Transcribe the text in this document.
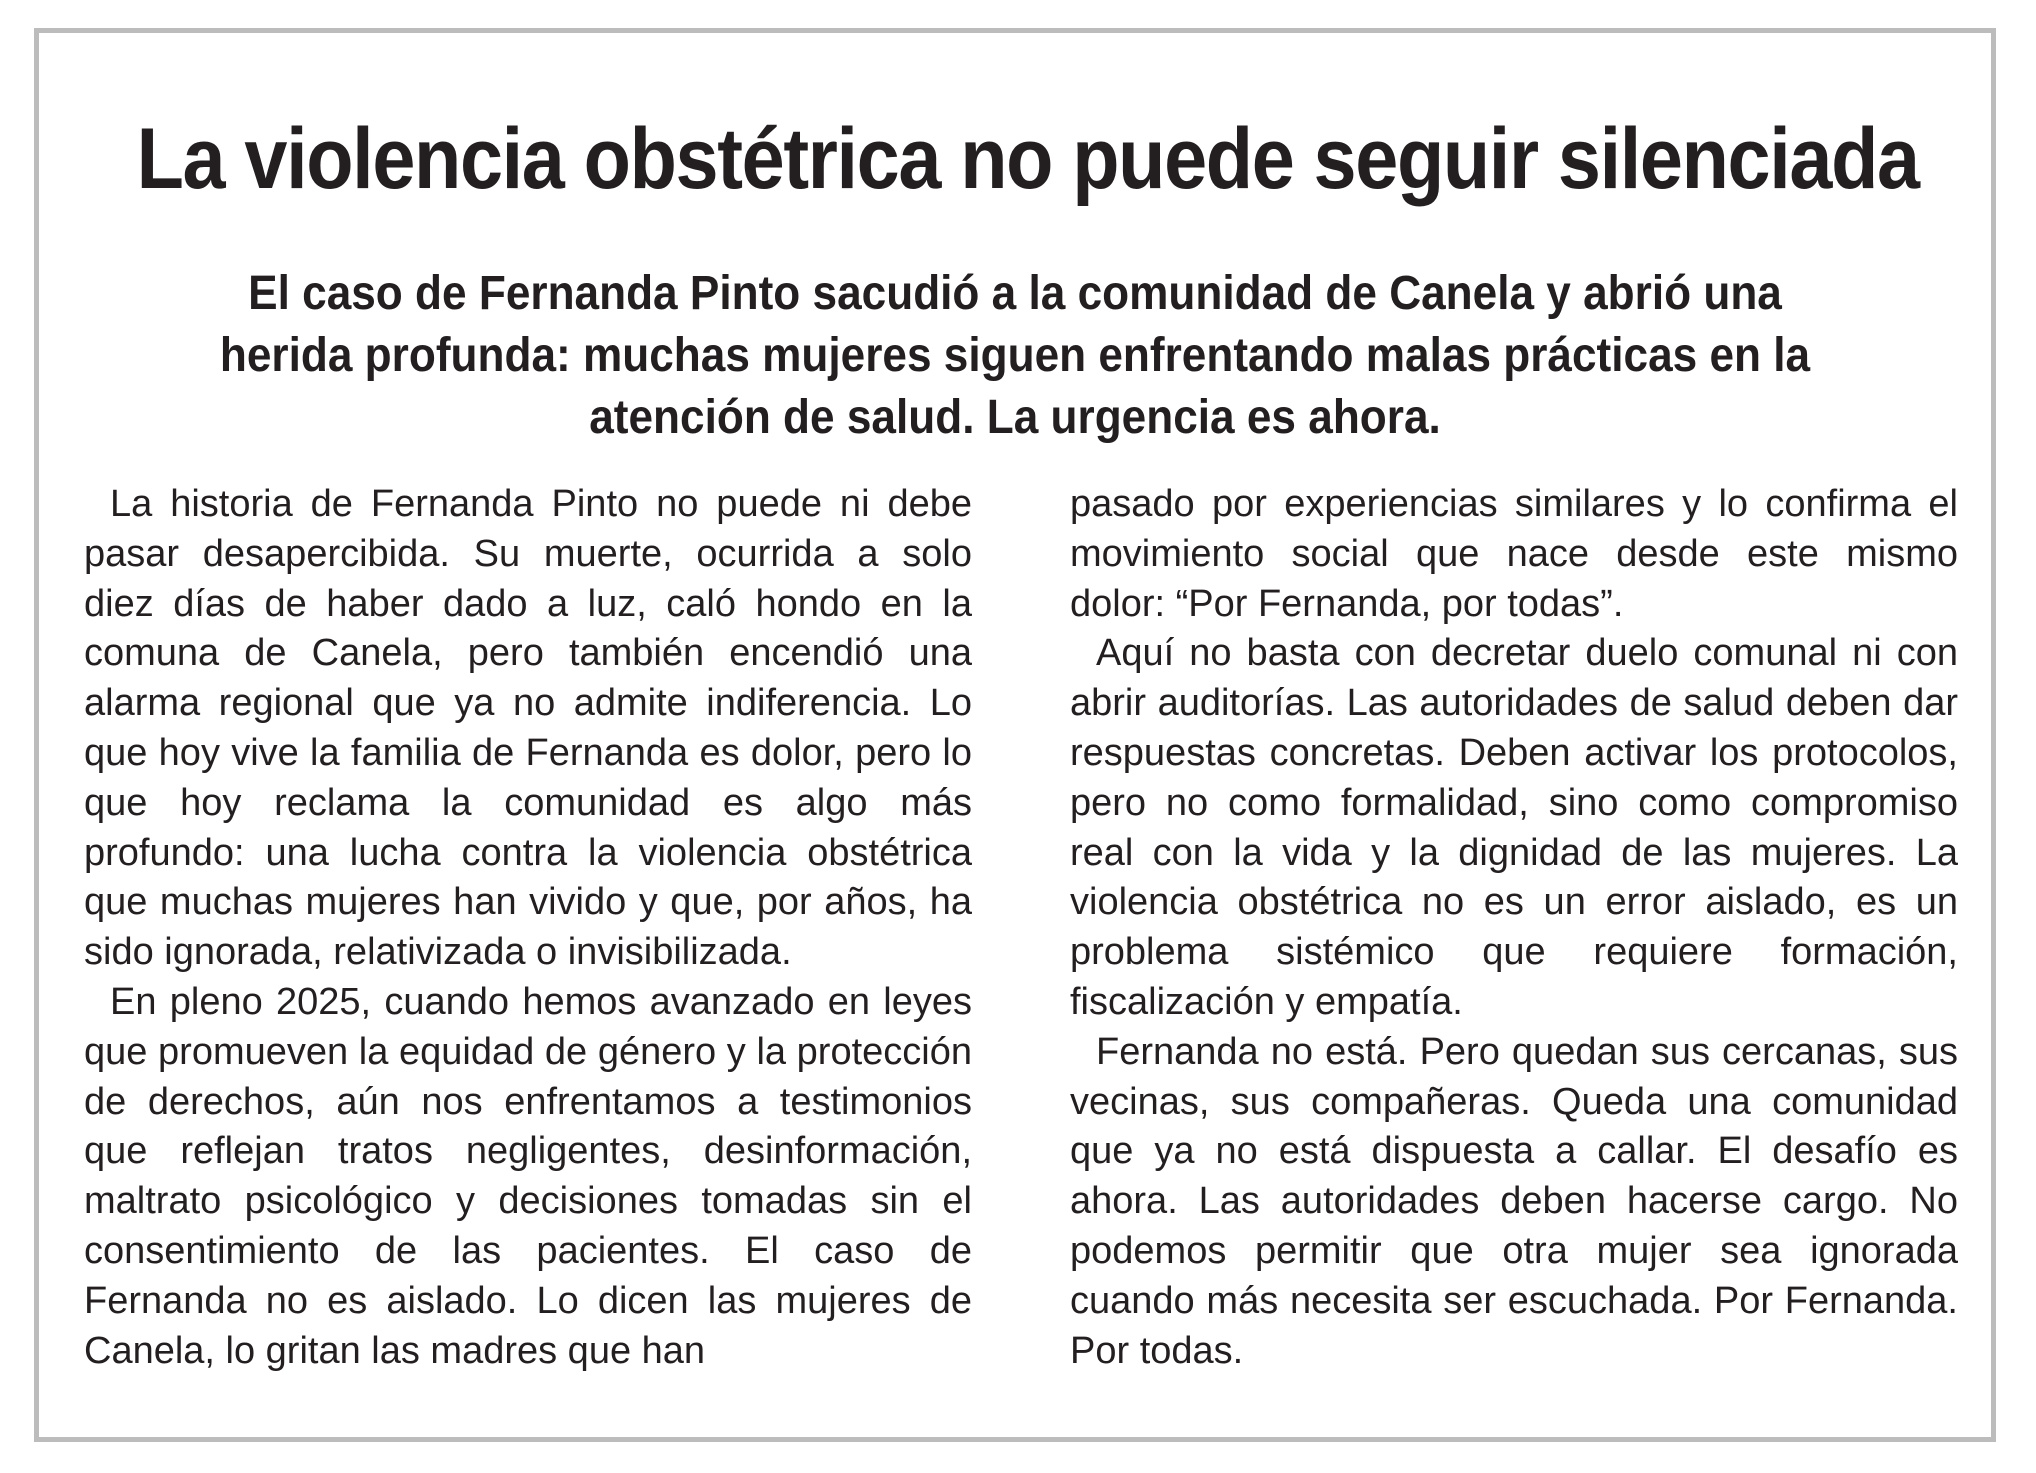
La violencia obstétrica no puede seguir silenciada

El caso de Fernanda Pinto sacudió a la comunidad de Canela y abrió una herida profunda: muchas mujeres siguen enfrentando malas prácticas en la atención de salud. La urgencia es ahora.

La historia de Fernanda Pinto no puede ni debe pasar desapercibida. Su muerte, ocurrida a solo diez días de haber dado a luz, caló hondo en la comuna de Canela, pero también encendió una alarma regional que ya no admite indiferencia. Lo que hoy vive la familia de Fernanda es dolor, pero lo que hoy reclama la comunidad es algo más profundo: una lucha contra la violencia obstétrica que muchas mujeres han vivido y que, por años, ha sido ignorada, relativizada o invisibilizada.

En pleno 2025, cuando hemos avanzado en leyes que promueven la equidad de género y la protección de derechos, aún nos enfrentamos a testimonios que reflejan tratos negligentes, desinformación, maltrato psicológico y decisiones tomadas sin el consentimiento de las pacientes. El caso de Fernanda no es aislado. Lo dicen las mujeres de Canela, lo gritan las madres que han

pasado por experiencias similares y lo confirma el movimiento social que nace desde este mismo dolor: “Por Fernanda, por todas”.

Aquí no basta con decretar duelo comunal ni con abrir auditorías. Las autoridades de salud deben dar respuestas concretas. Deben activar los protocolos, pero no como formalidad, sino como compromiso real con la vida y la dignidad de las mujeres. La violencia obstétrica no es un error aislado, es un problema sistémico que requiere formación, fiscalización y empatía.

Fernanda no está. Pero quedan sus cercanas, sus vecinas, sus compañeras. Queda una comunidad que ya no está dispuesta a callar. El desafío es ahora. Las autoridades deben hacerse cargo. No podemos permitir que otra mujer sea ignorada cuando más necesita ser escuchada. Por Fernanda. Por todas.
